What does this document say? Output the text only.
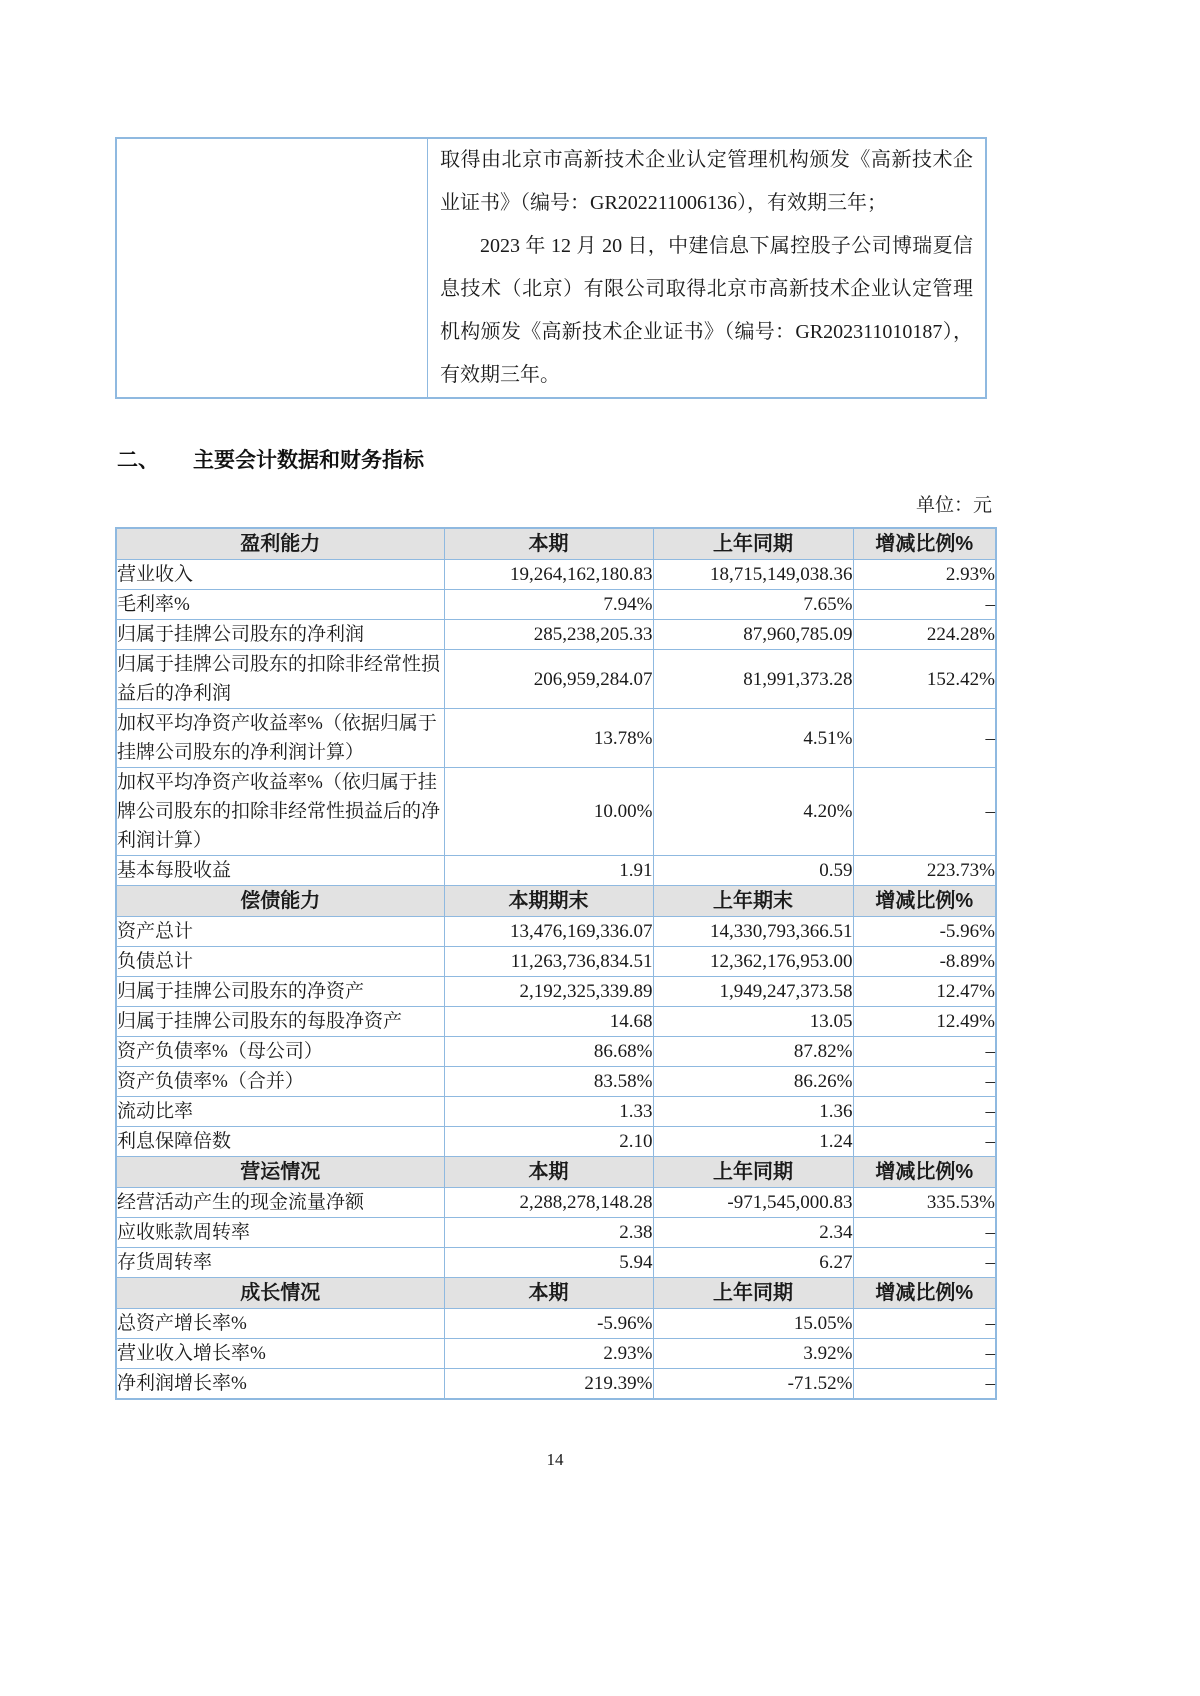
取得由北京市高新技术企业认定管理机构颁发《高新技术企业证书》（编号：GR202211006136），有效期三年；

2023 年 12 月 20 日，中建信息下属控股子公司博瑞夏信息技术（北京）有限公司取得北京市高新技术企业认定管理机构颁发《高新技术企业证书》（编号：GR202311010187），有效期三年。

二、 主要会计数据和财务指标
单位：元
盈利能力	本期	上年同期	增减比例%
营业收入	19,264,162,180.83	18,715,149,038.36	2.93%
毛利率%	7.94%	7.65%	–
归属于挂牌公司股东的净利润	285,238,205.33	87,960,785.09	224.28%
归属于挂牌公司股东的扣除非经常性损益后的净利润	206,959,284.07	81,991,373.28	152.42%
加权平均净资产收益率%（依据归属于挂牌公司股东的净利润计算）	13.78%	4.51%	–
加权平均净资产收益率%（依归属于挂牌公司股东的扣除非经常性损益后的净利润计算）	10.00%	4.20%	–
基本每股收益	1.91	0.59	223.73%
偿债能力	本期期末	上年期末	增减比例%
资产总计	13,476,169,336.07	14,330,793,366.51	-5.96%
负债总计	11,263,736,834.51	12,362,176,953.00	-8.89%
归属于挂牌公司股东的净资产	2,192,325,339.89	1,949,247,373.58	12.47%
归属于挂牌公司股东的每股净资产	14.68	13.05	12.49%
资产负债率%（母公司）	86.68%	87.82%	–
资产负债率%（合并）	83.58%	86.26%	–
流动比率	1.33	1.36	–
利息保障倍数	2.10	1.24	–
营运情况	本期	上年同期	增减比例%
经营活动产生的现金流量净额	2,288,278,148.28	-971,545,000.83	335.53%
应收账款周转率	2.38	2.34	–
存货周转率	5.94	6.27	–
成长情况	本期	上年同期	增减比例%
总资产增长率%	-5.96%	15.05%	–
营业收入增长率%	2.93%	3.92%	–
净利润增长率%	219.39%	-71.52%	–
14
